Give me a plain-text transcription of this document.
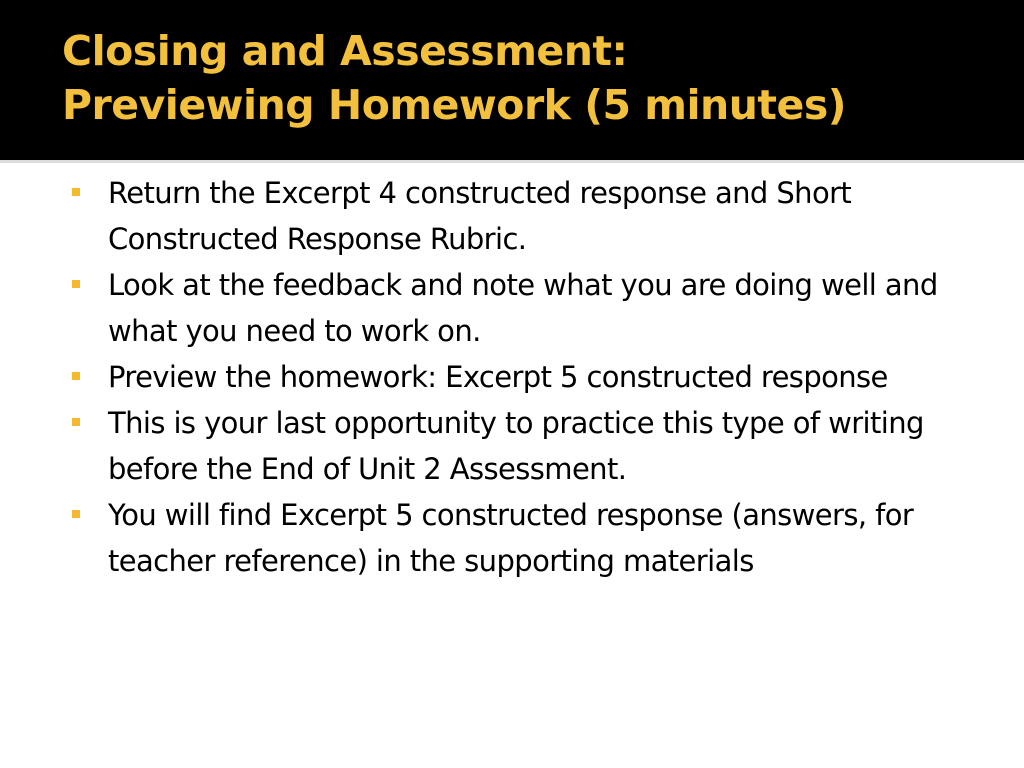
Closing and Assessment:
Previewing Homework (5 minutes)
Return the Excerpt 4 constructed response and Short Constructed Response Rubric.
Look at the feedback and note what you are doing well and what you need to work on.
Preview the homework: Excerpt 5 constructed response
This is your last opportunity to practice this type of writing before the End of Unit 2 Assessment.
You will find Excerpt 5 constructed response (answers, for teacher reference) in the supporting materials
